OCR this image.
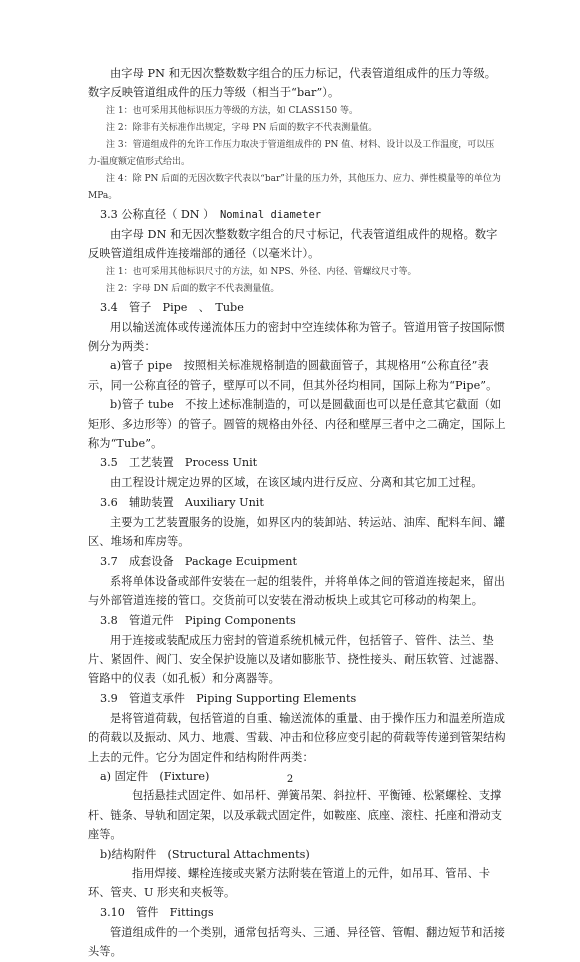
由字母 PN 和无因次整数数字组合的压力标记，代表管道组成件的压力等级。数字反映管道组成件的压力等级（相当于“bar”）。

注 1：也可采用其他标识压力等级的方法，如 CLASS150 等。

注 2：除非有关标准作出规定，字母 PN 后面的数字不代表测量值。

注 3：管道组成件的允许工作压力取决于管道组成件的 PN 值、材料、设计以及工作温度，可以压力-温度额定值形式给出。

注 4：除 PN 后面的无因次数字代表以“bar”计量的压力外，其他压力、应力、弹性模量等的单位为 MPa。

3.3 公称直径（ DN ）　 Nominal diameter

由字母 DN 和无因次整数数字组合的尺寸标记，代表管道组成件的规格。数字反映管道组成件连接端部的通径（以毫米计）。

注 1：也可采用其他标识尺寸的方法，如 NPS、外径、内径、管螺纹尺寸等。

注 2：字母 DN 后面的数字不代表测量值。

3.4　管子　Pipe　、　Tube

用以输送流体或传递流体压力的密封中空连续体称为管子。管道用管子按国际惯例分为两类：

a)管子 pipe　按照相关标准规格制造的圆截面管子，其规格用“公称直径”表示，同一公称直径的管子，壁厚可以不同，但其外径均相同，国际上称为“Pipe”。

b)管子 tube　不按上述标准制造的，可以是圆截面也可以是任意其它截面（如矩形、多边形等）的管子。圆管的规格由外径、内径和壁厚三者中之二确定，国际上称为“Tube”。

3.5　工艺装置　Process Unit

由工程设计规定边界的区域，在该区域内进行反应、分离和其它加工过程。

3.6　辅助装置　Auxiliary Unit

主要为工艺装置服务的设施，如界区内的装卸站、转运站、油库、配料车间、罐区、堆场和库房等。

3.7　成套设备　Package Ecuipment

系将单体设备或部件安装在一起的组装件，并将单体之间的管道连接起来，留出与外部管道连接的管口。交货前可以安装在滑动板块上或其它可移动的构架上。

3.8　管道元件　Piping Components

用于连接或装配成压力密封的管道系统机械元件，包括管子、管件、法兰、垫片、紧固件、阀门、安全保护设施以及诸如膨胀节、挠性接头、耐压软管、过滤器、管路中的仪表（如孔板）和分离器等。

3.9　管道支承件　Piping Supporting Elements

是将管道荷载，包括管道的自重、输送流体的重量、由于操作压力和温差所造成的荷载以及振动、风力、地震、雪载、冲击和位移应变引起的荷载等传递到管架结构上去的元件。它分为固定件和结构附件两类：

a) 固定件　(Fixture)

包括悬挂式固定件、如吊杆、弹簧吊架、斜拉杆、平衡锤、松紧螺栓、支撑杆、链条、导轨和固定架，以及承载式固定件，如鞍座、底座、滚柱、托座和滑动支座等。

b)结构附件　(Structural Attachments)

指用焊接、螺栓连接或夹紧方法附装在管道上的元件，如吊耳、管吊、卡环、管夹、U 形夹和夹板等。

3.10　管件　Fittings

管道组成件的一个类别，通常包括弯头、三通、异径管、管帽、翻边短节和活接头等。

2
